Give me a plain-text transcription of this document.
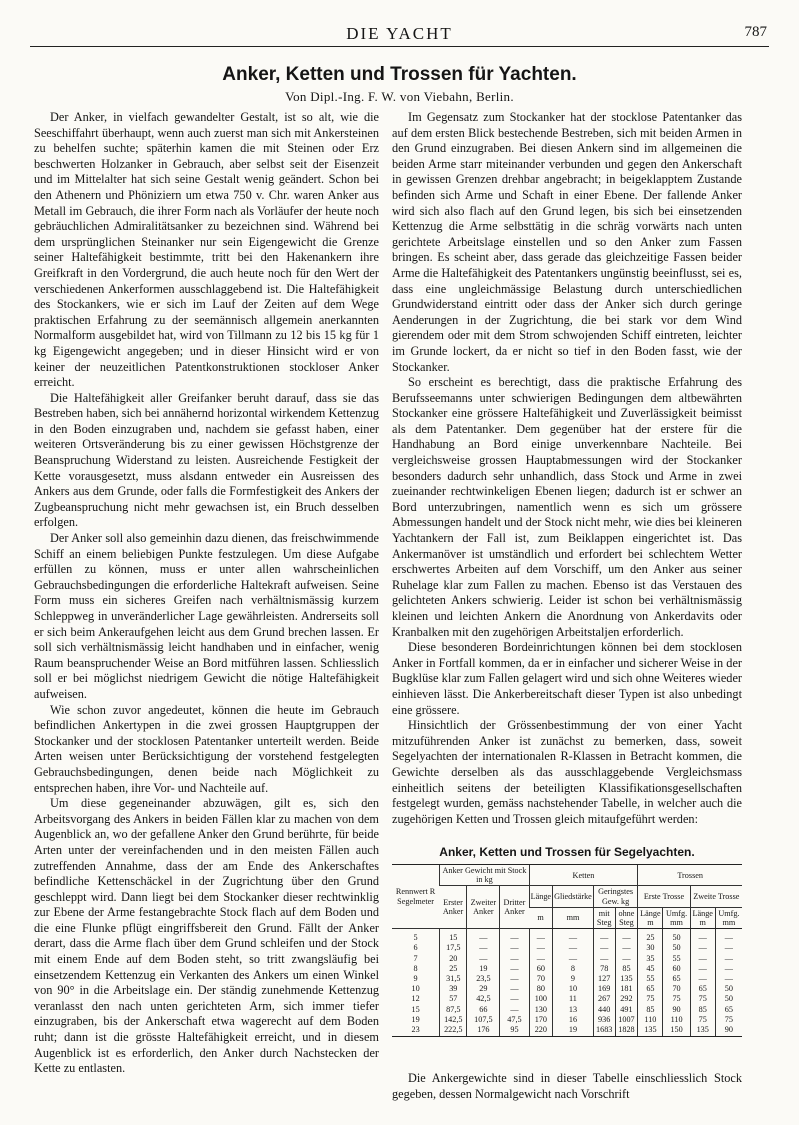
DIE YACHT	787
Anker, Ketten und Trossen für Yachten.
Von Dipl.-Ing. F. W. von Viebahn, Berlin.

Der Anker, in vielfach gewandelter Gestalt, ist so alt, wie die Seeschiffahrt überhaupt, wenn auch zuerst man sich mit Ankersteinen zu behelfen suchte; späterhin kamen die mit Steinen oder Erz beschwerten Holzanker in Gebrauch, aber selbst seit der Eisenzeit und im Mittelalter hat sich seine Gestalt wenig geändert. Schon bei den Athenern und Phöniziern um etwa 750 v. Chr. waren Anker aus Metall im Gebrauch, die ihrer Form nach als Vorläufer der heute noch gebräuchlichen Admiralitätsanker zu bezeichnen sind. Während bei dem ursprünglichen Steinanker nur sein Eigengewicht die Grenze seiner Haltefähigkeit bestimmte, tritt bei den Hakenankern ihre Greifkraft in den Vordergrund, die auch heute noch für den Wert der verschiedenen Ankerformen ausschlaggebend ist. Die Haltefähigkeit des Stockankers, wie er sich im Lauf der Zeiten auf dem Wege praktischen Erfahrung zu der seemännisch allgemein anerkannten Normalform ausgebildet hat, wird von Tillmann zu 12 bis 15 kg für 1 kg Eigengewicht angegeben; und in dieser Hinsicht wird er von keiner der neuzeitlichen Patentkonstruktionen stockloser Anker erreicht.

Die Haltefähigkeit aller Greifanker beruht darauf, dass sie das Bestreben haben, sich bei annähernd horizontal wirkendem Kettenzug in den Boden einzugraben und, nachdem sie gefasst haben, einer weiteren Ortsveränderung bis zu einer gewissen Höchstgrenze der Beanspruchung Widerstand zu leisten. Ausreichende Festigkeit der Kette vorausgesetzt, muss alsdann entweder ein Ausreissen des Ankers aus dem Grunde, oder falls die Formfestigkeit des Ankers der Zugbeanspruchung nicht mehr gewachsen ist, ein Bruch desselben erfolgen.

Der Anker soll also gemeinhin dazu dienen, das freischwimmende Schiff an einem beliebigen Punkte festzulegen. Um diese Aufgabe erfüllen zu können, muss er unter allen wahrscheinlichen Gebrauchsbedingungen die erforderliche Haltekraft aufweisen. Seine Form muss ein sicheres Greifen nach verhältnismässig kurzem Schleppweg in unveränderlicher Lage gewährleisten. Andrerseits soll er sich beim Ankeraufgehen leicht aus dem Grund brechen lassen. Er soll sich verhältnismässig leicht handhaben und in einfacher, wenig Raum beanspruchender Weise an Bord mitführen lassen. Schliesslich soll er bei möglichst niedrigem Gewicht die nötige Haltefähigkeit aufweisen.

Wie schon zuvor angedeutet, können die heute im Gebrauch befindlichen Ankertypen in die zwei grossen Hauptgruppen der Stockanker und der stocklosen Patentanker unterteilt werden. Beide Arten weisen unter Berücksichtigung der vorstehend festgelegten Gebrauchsbedingungen, denen beide nach Möglichkeit zu entsprechen haben, ihre Vor- und Nachteile auf.

Um diese gegeneinander abzuwägen, gilt es, sich den Arbeitsvorgang des Ankers in beiden Fällen klar zu machen von dem Augenblick an, wo der gefallene Anker den Grund berührte, für beide Arten unter der vereinfachenden und in den meisten Fällen auch zutreffenden Annahme, dass der am Ende des Ankerschaftes befindliche Kettenschäckel in der Zugrichtung über den Grund geschleppt wird. Dann liegt bei dem Stockanker dieser rechtwinklig zur Ebene der Arme festangebrachte Stock flach auf dem Boden und die eine Flunke pflügt eingriffsbereit den Grund. Fällt der Anker derart, dass die Arme flach über dem Grund schleifen und der Stock mit einem Ende auf dem Boden steht, so tritt zwangsläufig bei einsetzendem Kettenzug ein Verkanten des Ankers um einen Winkel von 90° in die Arbeitslage ein. Der ständig zunehmende Kettenzug veranlasst den nach unten gerichteten Arm, sich immer tiefer einzugraben, bis der Ankerschaft etwa wagerecht auf dem Boden ruht; dann ist die grösste Haltefähigkeit erreicht, und in diesem Augenblick ist es erforderlich, den Anker durch Nachstecken der Kette zu entlasten.

Im Gegensatz zum Stockanker hat der stocklose Patentanker das auf dem ersten Blick bestechende Bestreben, sich mit beiden Armen in den Grund einzugraben. Bei diesen Ankern sind im allgemeinen die beiden Arme starr miteinander verbunden und gegen den Ankerschaft in gewissen Grenzen drehbar angebracht; in beigeklapptem Zustande befinden sich Arme und Schaft in einer Ebene. Der fallende Anker wird sich also flach auf den Grund legen, bis sich bei einsetzenden Kettenzug die Arme selbsttätig in die schräg vorwärts nach unten gerichtete Arbeitslage einstellen und so den Anker zum Fassen bringen. Es scheint aber, dass gerade das gleichzeitige Fassen beider Arme die Haltefähigkeit des Patentankers ungünstig beeinflusst, sei es, dass eine ungleichmässige Belastung durch unterschiedlichen Grundwiderstand eintritt oder dass der Anker sich durch geringe Aenderungen in der Zugrichtung, die bei stark vor dem Wind gierendem oder mit dem Strom schwojenden Schiff eintreten, leichter im Grunde lockert, da er nicht so tief in den Boden fasst, wie der Stockanker.

So erscheint es berechtigt, dass die praktische Erfahrung des Berufsseemanns unter schwierigen Bedingungen dem altbewährten Stockanker eine grössere Haltefähigkeit und Zuverlässigkeit beimisst als dem Patentanker. Dem gegenüber hat der erstere für die Handhabung an Bord einige unverkennbare Nachteile. Bei vergleichsweise grossen Hauptabmessungen wird der Stockanker besonders dadurch sehr unhandlich, dass Stock und Arme in zwei zueinander rechtwinkeligen Ebenen liegen; dadurch ist er schwer an Bord unterzubringen, namentlich wenn es sich um grössere Abmessungen handelt und der Stock nicht mehr, wie dies bei kleineren Yachtankern der Fall ist, zum Beiklappen eingerichtet ist. Das Ankermanöver ist umständlich und erfordert bei schlechtem Wetter erschwertes Arbeiten auf dem Vorschiff, um den Anker aus seiner Ruhelage klar zum Fallen zu machen. Ebenso ist das Verstauen des gelichteten Ankers schwierig. Leider ist schon bei verhältnismässig kleinen und leichten Ankern die Anordnung von Ankerdavits oder Kranbalken mit den zugehörigen Arbeitstaljen erforderlich.

Diese besonderen Bordeinrichtungen können bei dem stocklosen Anker in Fortfall kommen, da er in einfacher und sicherer Weise in der Bugklüse klar zum Fallen gelagert wird und sich ohne Weiteres wieder einhieven lässt. Die Ankerbereitschaft dieser Typen ist also unbedingt eine grössere.

Hinsichtlich der Grössenbestimmung der von einer Yacht mitzuführenden Anker ist zunächst zu bemerken, dass, soweit Segelyachten der internationalen R-Klassen in Betracht kommen, die Gewichte derselben als das ausschlaggebende Vergleichsmass einheitlich seitens der beteiligten Klassifikationsgesellschaften festgelegt wurden, gemäss nachstehender Tabelle, in welcher auch die zugehörigen Ketten und Trossen gleich mitaufgeführt werden:

Anker, Ketten und Trossen für Segelyachten.
Rennwert R Segelmeter	Anker Gewicht mit Stock in kg			Ketten				Trossen			
	Erster Anker	Zweiter Anker	Dritter Anker	Länge	Gliedstärke	Geringstes Gew. kg		Erste Trosse		Zweite Trosse	
				m	mm	mit Steg	ohne Steg	Länge m	Umfg. mm	Länge m	Umfg. mm
5	15	—	—	—	—	—	—	25	50	—	—
6	17,5	—	—	—	—	—	—	30	50	—	—
7	20	—	—	—	—	—	—	35	55	—	—
8	25	19	—	60	8	78	85	45	60	—	—
9	31,5	23,5	—	70	9	127	135	55	65	—	—
10	39	29	—	80	10	169	181	65	70	65	50
12	57	42,5	—	100	11	267	292	75	75	75	50
15	87,5	66	—	130	13	440	491	85	90	85	65
19	142,5	107,5	47,5	170	16	936	1007	110	110	75	75
23	222,5	176	95	220	19	1683	1828	135	150	135	90

Die Ankergewichte sind in dieser Tabelle einschliesslich Stock gegeben, dessen Normalgewicht nach Vorschrift
